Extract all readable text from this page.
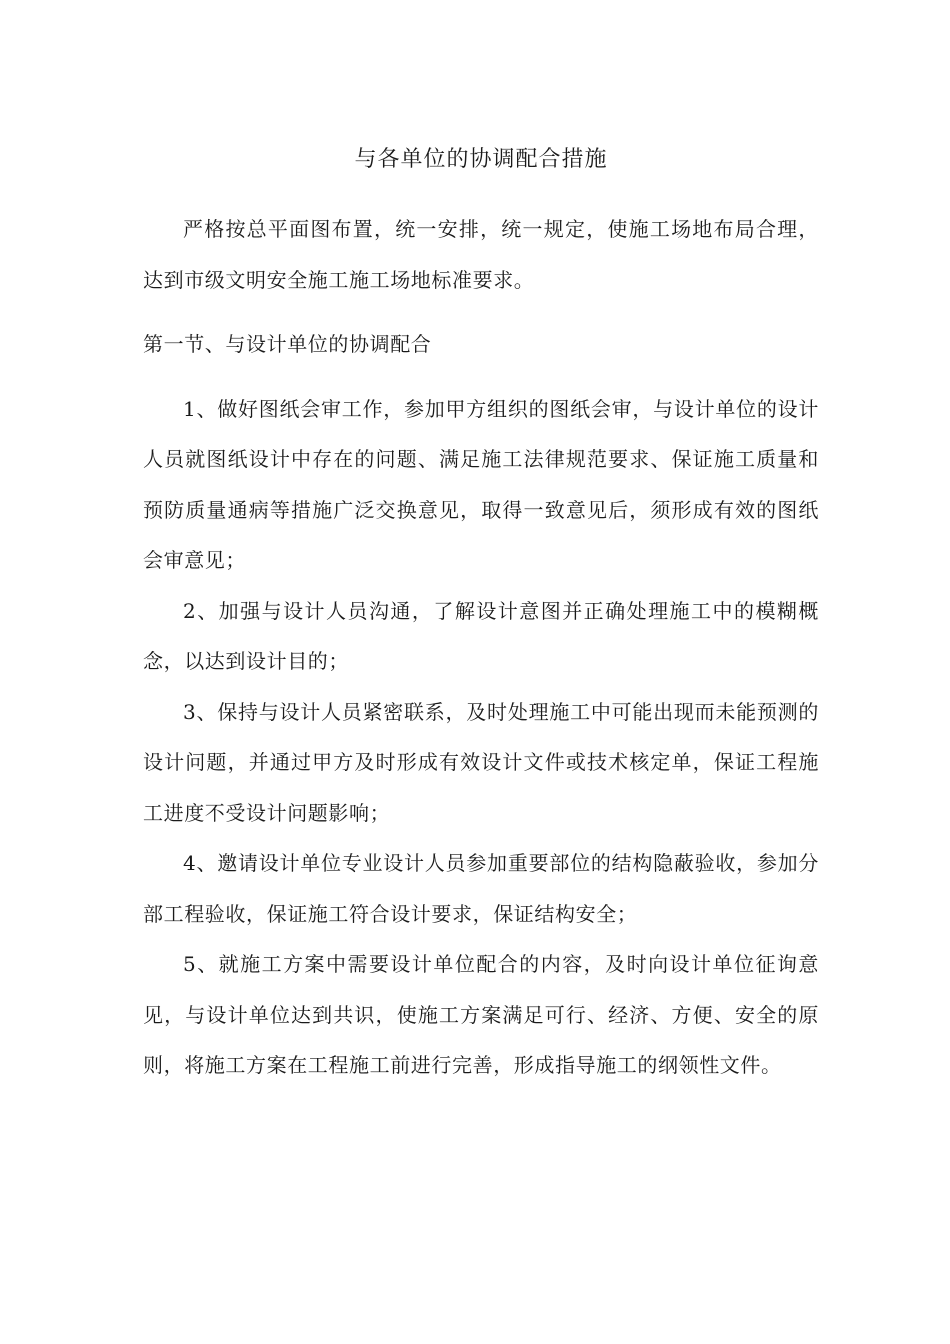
与各单位的协调配合措施

严格按总平面图布置，统一安排，统一规定，使施工场地布局合理，达到市级文明安全施工施工场地标准要求。

第一节、与设计单位的协调配合

1、做好图纸会审工作，参加甲方组织的图纸会审，与设计单位的设计人员就图纸设计中存在的问题、满足施工法律规范要求、保证施工质量和预防质量通病等措施广泛交换意见，取得一致意见后，须形成有效的图纸会审意见；

2、加强与设计人员沟通，了解设计意图并正确处理施工中的模糊概念，以达到设计目的；

3、保持与设计人员紧密联系，及时处理施工中可能出现而未能预测的设计问题，并通过甲方及时形成有效设计文件或技术核定单，保证工程施工进度不受设计问题影响；

4、邀请设计单位专业设计人员参加重要部位的结构隐蔽验收，参加分部工程验收，保证施工符合设计要求，保证结构安全；

5、就施工方案中需要设计单位配合的内容，及时向设计单位征询意见，与设计单位达到共识，使施工方案满足可行、经济、方便、安全的原则，将施工方案在工程施工前进行完善，形成指导施工的纲领性文件。
